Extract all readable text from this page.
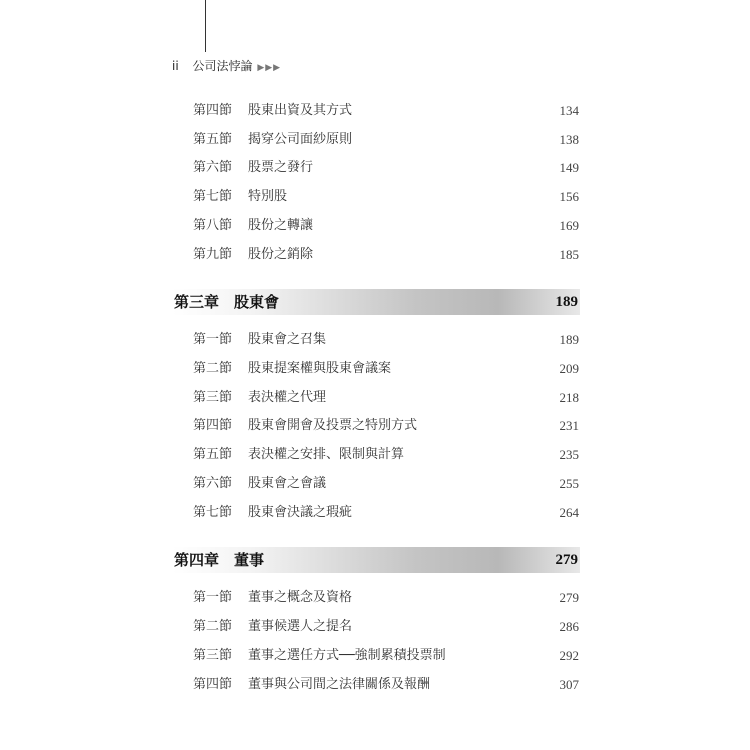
ii 公司法悖論 ▶▶▶
第四節 股東出資及其方式	134
第五節 揭穿公司面紗原則	138
第六節 股票之發行	149
第七節 特別股	156
第八節 股份之轉讓	169
第九節 股份之銷除	185
第三章　股東會	189
第一節 股東會之召集	189
第二節 股東提案權與股東會議案	209
第三節 表決權之代理	218
第四節 股東會開會及投票之特別方式	231
第五節 表決權之安排、限制與計算	235
第六節 股東會之會議	255
第七節 股東會決議之瑕疵	264
第四章　董事	279
第一節 董事之概念及資格	279
第二節 董事候選人之提名	286
第三節 董事之選任方式──強制累積投票制	292
第四節 董事與公司間之法律關係及報酬	307
